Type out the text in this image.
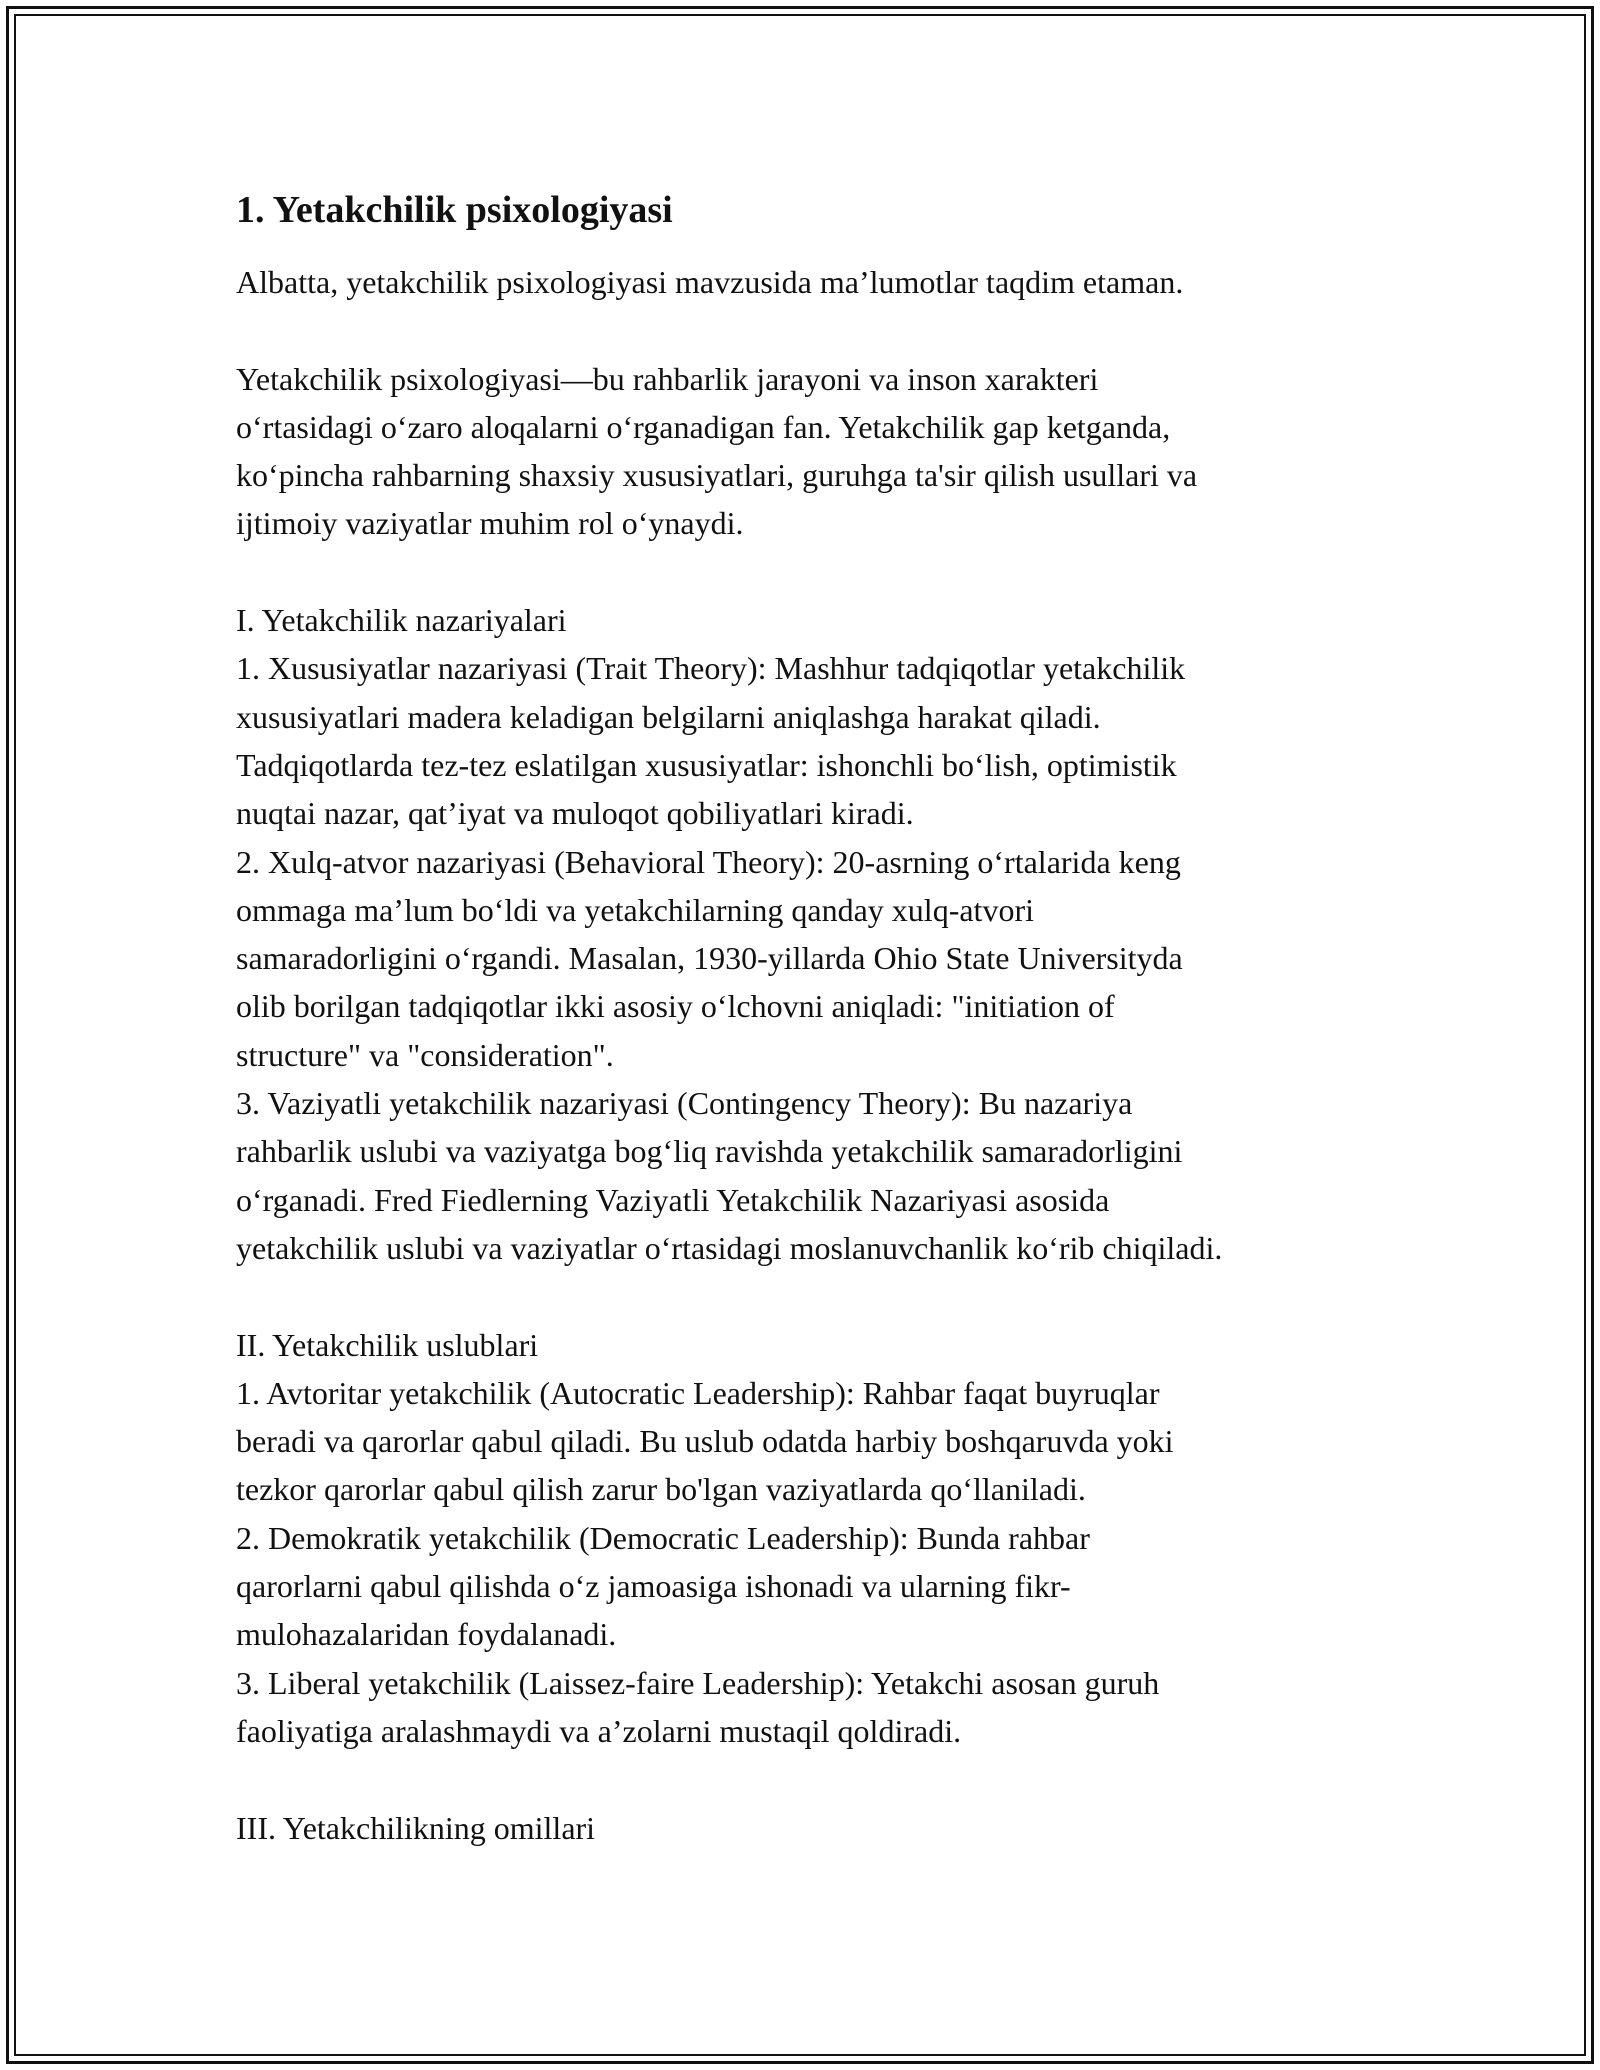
1. Yetakchilik psixologiyasi

Albatta, yetakchilik psixologiyasi mavzusida ma’lumotlar taqdim etaman.

Yetakchilik psixologiyasi—bu rahbarlik jarayoni va inson xarakteri

o‘rtasidagi o‘zaro aloqalarni o‘rganadigan fan. Yetakchilik gap ketganda,

ko‘pincha rahbarning shaxsiy xususiyatlari, guruhga ta'sir qilish usullari va

ijtimoiy vaziyatlar muhim rol o‘ynaydi.

I. Yetakchilik nazariyalari

1. Xususiyatlar nazariyasi (Trait Theory): Mashhur tadqiqotlar yetakchilik

xususiyatlari madera keladigan belgilarni aniqlashga harakat qiladi.

Tadqiqotlarda tez-tez eslatilgan xususiyatlar: ishonchli bo‘lish, optimistik

nuqtai nazar, qat’iyat va muloqot qobiliyatlari kiradi.

2. Xulq-atvor nazariyasi (Behavioral Theory): 20-asrning o‘rtalarida keng

ommaga ma’lum bo‘ldi va yetakchilarning qanday xulq-atvori

samaradorligini o‘rgandi. Masalan, 1930-yillarda Ohio State Universityda

olib borilgan tadqiqotlar ikki asosiy o‘lchovni aniqladi: "initiation of

structure" va "consideration".

3. Vaziyatli yetakchilik nazariyasi (Contingency Theory): Bu nazariya

rahbarlik uslubi va vaziyatga bog‘liq ravishda yetakchilik samaradorligini

o‘rganadi. Fred Fiedlerning Vaziyatli Yetakchilik Nazariyasi asosida

yetakchilik uslubi va vaziyatlar o‘rtasidagi moslanuvchanlik ko‘rib chiqiladi.

II. Yetakchilik uslublari

1. Avtoritar yetakchilik (Autocratic Leadership): Rahbar faqat buyruqlar

beradi va qarorlar qabul qiladi. Bu uslub odatda harbiy boshqaruvda yoki

tezkor qarorlar qabul qilish zarur bo'lgan vaziyatlarda qo‘llaniladi.

2. Demokratik yetakchilik (Democratic Leadership): Bunda rahbar

qarorlarni qabul qilishda o‘z jamoasiga ishonadi va ularning fikr-

mulohazalaridan foydalanadi.

3. Liberal yetakchilik (Laissez-faire Leadership): Yetakchi asosan guruh

faoliyatiga aralashmaydi va a’zolarni mustaqil qoldiradi.

III. Yetakchilikning omillari
